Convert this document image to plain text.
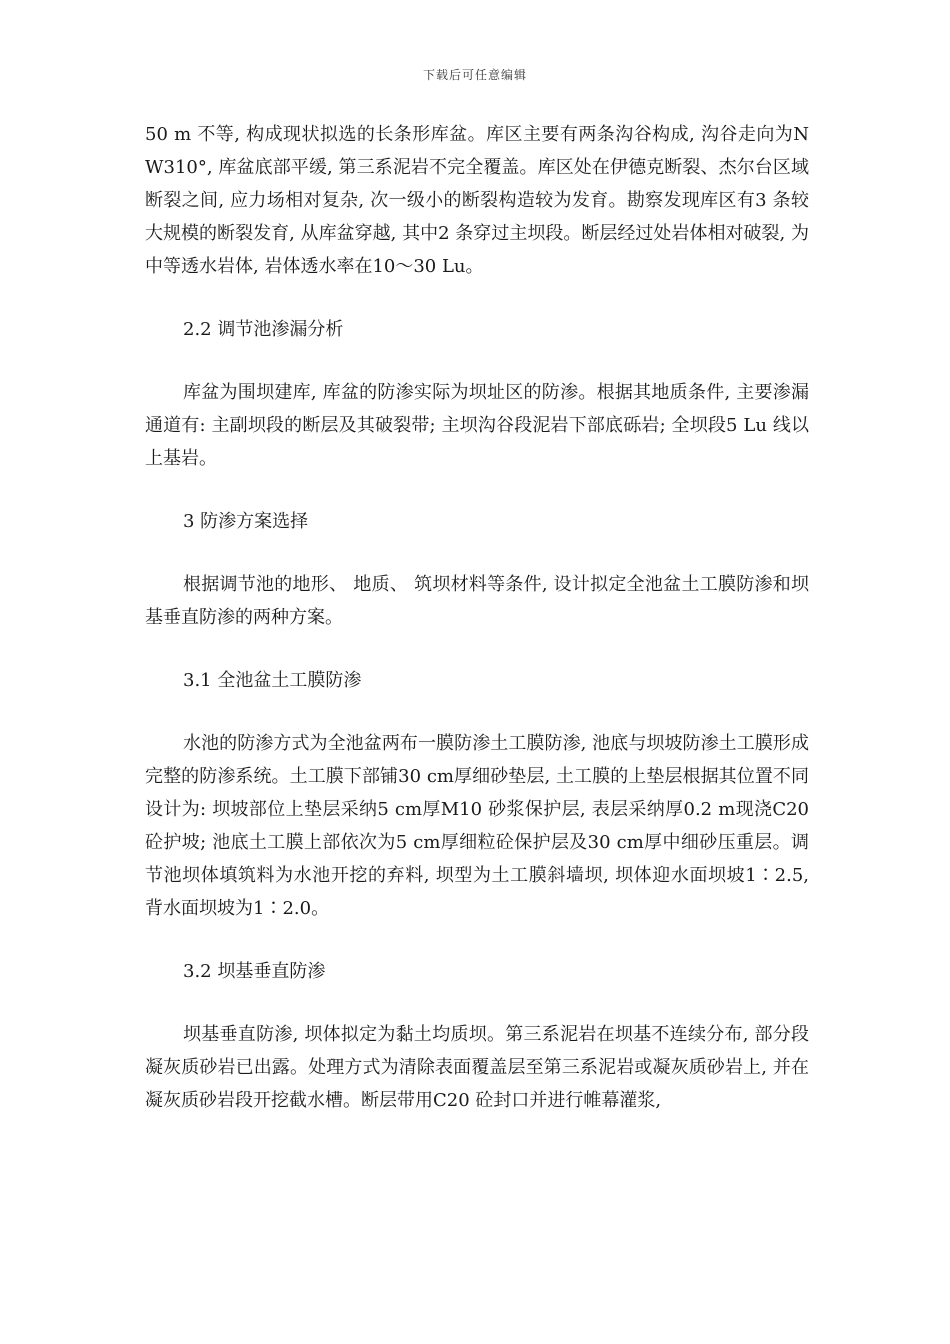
下载后可任意编辑

50 m 不等, 构成现状拟选的长条形库盆。库区主要有两条沟谷构成, 沟谷走向为NW310°, 库盆底部平缓, 第三系泥岩不完全覆盖。库区处在伊德克断裂、杰尔台区域断裂之间, 应力场相对复杂, 次一级小的断裂构造较为发育。勘察发现库区有3 条较大规模的断裂发育, 从库盆穿越, 其中2 条穿过主坝段。断层经过处岩体相对破裂, 为中等透水岩体, 岩体透水率在10～30 Lu。

2.2 调节池渗漏分析

库盆为围坝建库, 库盆的防渗实际为坝址区的防渗。根据其地质条件, 主要渗漏通道有: 主副坝段的断层及其破裂带; 主坝沟谷段泥岩下部底砾岩; 全坝段5 Lu 线以上基岩。

3 防渗方案选择

根据调节池的地形、 地质、 筑坝材料等条件, 设计拟定全池盆土工膜防渗和坝基垂直防渗的两种方案。

3.1 全池盆土工膜防渗

水池的防渗方式为全池盆两布一膜防渗土工膜防渗, 池底与坝坡防渗土工膜形成完整的防渗系统。土工膜下部铺30 cm厚细砂垫层, 土工膜的上垫层根据其位置不同设计为: 坝坡部位上垫层采纳5 cm厚M10 砂浆保护层, 表层采纳厚0.2 m现浇C20 砼护坡; 池底土工膜上部依次为5 cm厚细粒砼保护层及30 cm厚中细砂压重层。调节池坝体填筑料为水池开挖的弃料, 坝型为土工膜斜墙坝, 坝体迎水面坝坡1∶2.5, 背水面坝坡为1∶2.0。

3.2 坝基垂直防渗

坝基垂直防渗, 坝体拟定为黏土均质坝。第三系泥岩在坝基不连续分布, 部分段凝灰质砂岩已出露。处理方式为清除表面覆盖层至第三系泥岩或凝灰质砂岩上, 并在凝灰质砂岩段开挖截水槽。断层带用C20 砼封口并进行帷幕灌浆,
